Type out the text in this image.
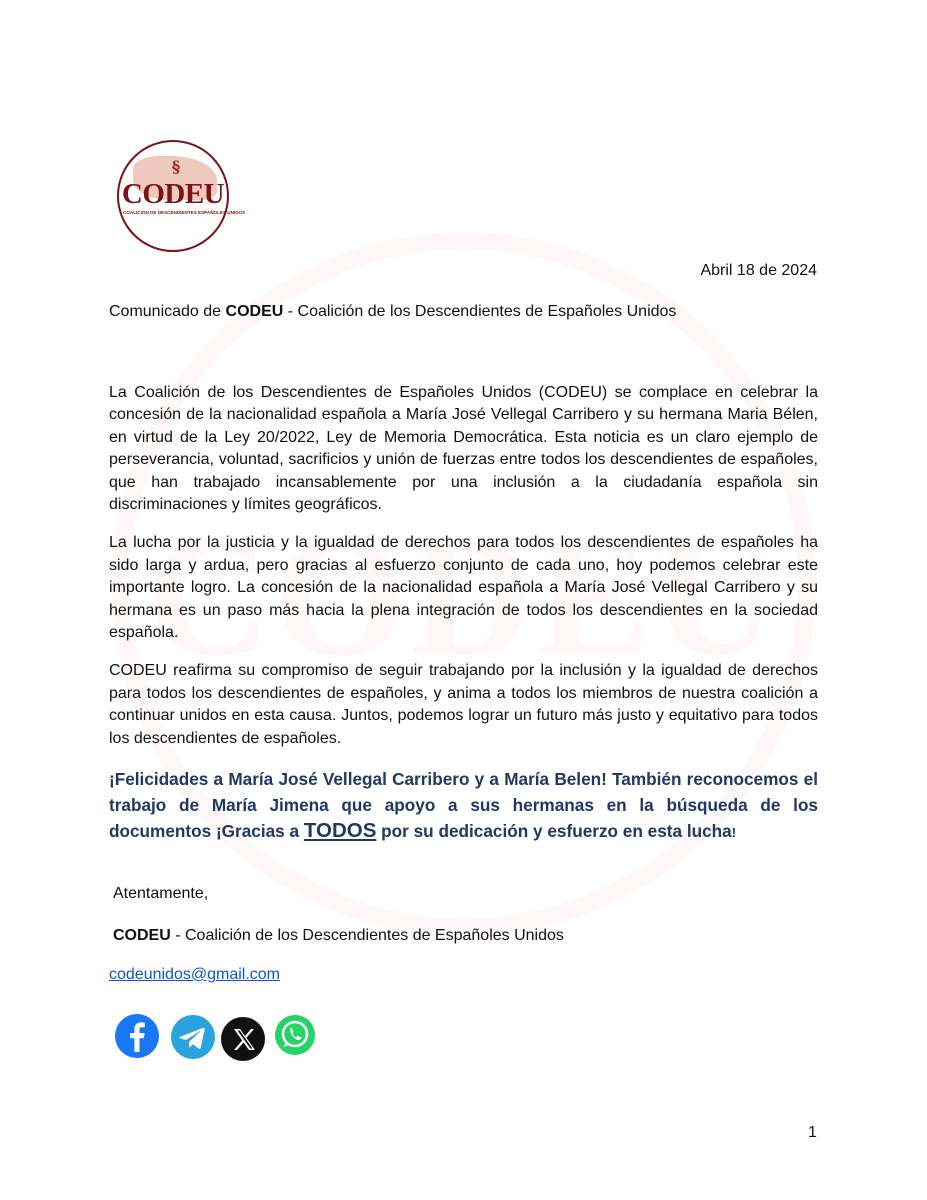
§
CODEU
COALICIÓN DE DESCENDIENTES ESPAÑOLES UNIDOS
Abril 18 de 2024
Comunicado de CODEU - Coalición de los Descendientes de Españoles Unidos

La Coalición de los Descendientes de Españoles Unidos (CODEU) se complace en celebrar la concesión de la nacionalidad española a María José Vellegal Carribero y su hermana Maria Bélen, en virtud de la Ley 20/2022, Ley de Memoria Democrática. Esta noticia es un claro ejemplo de perseverancia, voluntad, sacrificios y unión de fuerzas entre todos los descendientes de españoles, que han trabajado incansablemente por una inclusión a la ciudadanía española sin discriminaciones y límites geográficos.

La lucha por la justicia y la igualdad de derechos para todos los descendientes de españoles ha sido larga y ardua, pero gracias al esfuerzo conjunto de cada uno, hoy podemos celebrar este importante logro. La concesión de la nacionalidad española a María José Vellegal Carribero y su hermana es un paso más hacia la plena integración de todos los descendientes en la sociedad española.

CODEU reafirma su compromiso de seguir trabajando por la inclusión y la igualdad de derechos para todos los descendientes de españoles, y anima a todos los miembros de nuestra coalición a continuar unidos en esta causa. Juntos, podemos lograr un futuro más justo y equitativo para todos los descendientes de españoles.

¡Felicidades a María José Vellegal Carribero y a María Belen! También reconocemos el trabajo de María Jimena que apoyo a sus hermanas en la búsqueda de los documentos ¡Gracias a TODOS por su dedicación y esfuerzo en esta lucha!

Atentamente,
CODEU - Coalición de los Descendientes de Españoles Unidos
codeunidos@gmail.com
1
